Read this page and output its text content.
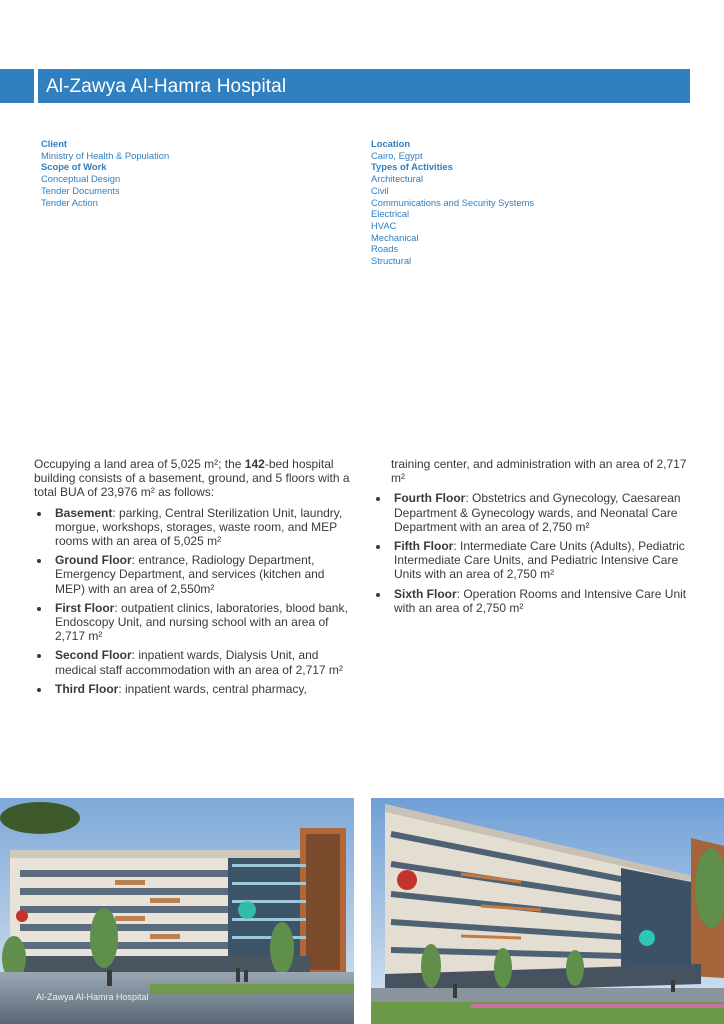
Al-Zawya Al-Hamra Hospital
Client
Ministry of Health & Population
Scope of Work
Conceptual Design
Tender Documents
Tender Action
Location
Cairo, Egypt
Types of Activities
Architectural
Civil
Communications and Security Systems
Electrical
HVAC
Mechanical
Roads
Structural
Occupying a land area of 5,025 m²; the 142-bed hospital building consists of a basement, ground, and 5 floors with a total BUA of 23,976 m² as follows:
Basement: parking, Central Sterilization Unit, laundry, morgue, workshops, storages, waste room, and MEP rooms with an area of 5,025 m²
Ground Floor: entrance, Radiology Department, Emergency Department, and services (kitchen and MEP) with an area of 2,550m²
First Floor: outpatient clinics, laboratories, blood bank, Endoscopy Unit, and nursing school with an area of 2,717 m²
Second Floor: inpatient wards, Dialysis Unit, and medical staff accommodation with an area of 2,717 m²
Third Floor: inpatient wards, central pharmacy,
training center, and administration with an area of 2,717 m²
Fourth Floor: Obstetrics and Gynecology, Caesarean Department & Gynecology wards, and Neonatal Care Department with an area of 2,750 m²
Fifth Floor: Intermediate Care Units (Adults), Pediatric Intermediate Care Units, and Pediatric Intensive Care Units with an area of 2,750 m²
Sixth Floor: Operation Rooms and Intensive Care Unit with an area of 2,750 m²
Al-Zawya Al-Hamra Hospital
